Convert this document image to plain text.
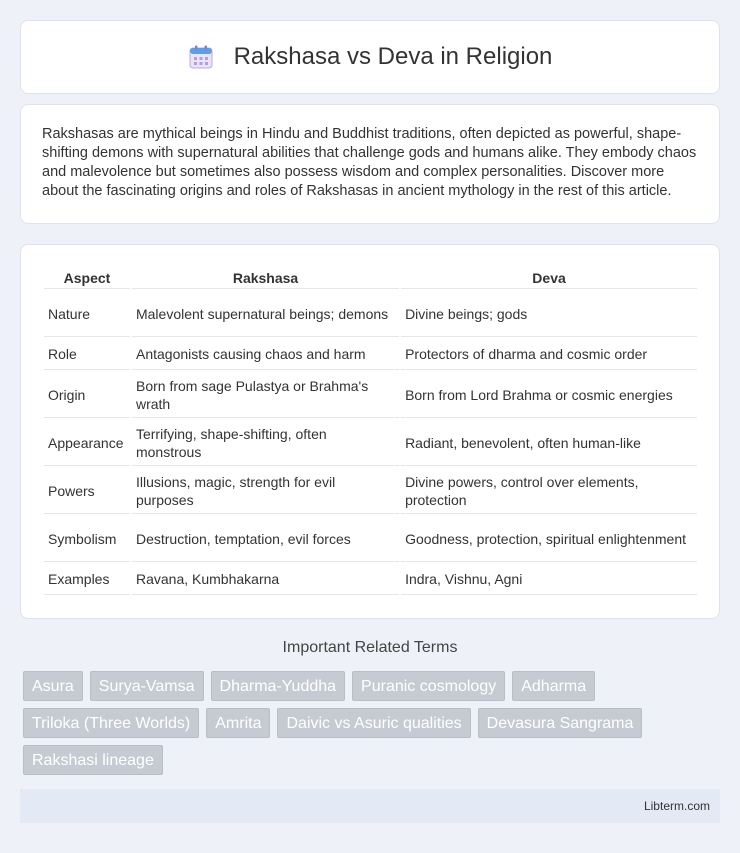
Rakshasa vs Deva in Religion

Rakshasas are mythical beings in Hindu and Buddhist traditions, often depicted as powerful, shape-shifting demons with supernatural abilities that challenge gods and humans alike. They embody chaos and malevolence but sometimes also possess wisdom and complex personalities. Discover more about the fascinating origins and roles of Rakshasas in ancient mythology in the rest of this article.

Aspect	Rakshasa	Deva
Nature	Malevolent supernatural beings; demons	Divine beings; gods
Role	Antagonists causing chaos and harm	Protectors of dharma and cosmic order
Origin	Born from sage Pulastya or Brahma's wrath	Born from Lord Brahma or cosmic energies
Appearance	Terrifying, shape-shifting, often monstrous	Radiant, benevolent, often human-like
Powers	Illusions, magic, strength for evil purposes	Divine powers, control over elements, protection
Symbolism	Destruction, temptation, evil forces	Goodness, protection, spiritual enlightenment
Examples	Ravana, Kumbhakarna	Indra, Vishnu, Agni
Important Related Terms
Asura	Surya-Vamsa	Dharma-Yuddha	Puranic cosmology	Adharma
Triloka (Three Worlds)	Amrita	Daivic vs Asuric qualities	Devasura Sangrama
Rakshasi lineage
Libterm.com
